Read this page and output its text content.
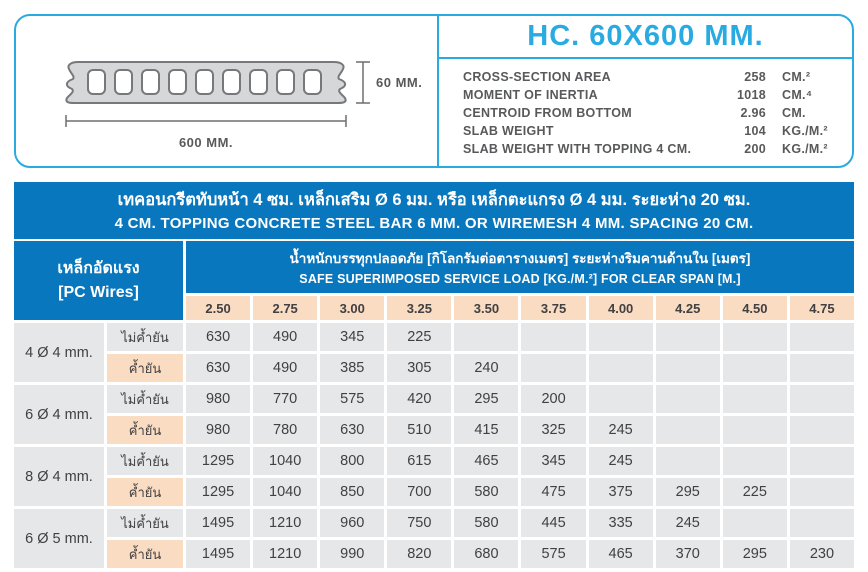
600 MM.
60 MM.
HC. 60X600 MM.
CROSS-SECTION AREA	258	CM.²
MOMENT OF INERTIA	1018	CM.⁴
CENTROID FROM BOTTOM	2.96	CM.
SLAB WEIGHT	104	KG./M.²
SLAB WEIGHT WITH TOPPING 4 CM.	200	KG./M.²
เทคอนกรีตทับหน้า 4 ซม. เหล็กเสริม Ø 6 มม. หรือ เหล็กตะแกรง Ø 4 มม. ระยะห่าง 20 ซม.
4 CM. TOPPING CONCRETE STEEL BAR 6 MM. OR WIREMESH 4 MM. SPACING 20 CM.
เหล็กอัดแรง
[PC Wires]
น้ำหนักบรรทุกปลอดภัย [กิโลกรัมต่อตารางเมตร] ระยะห่างริมคานด้านใน [เมตร]
SAFE SUPERIMPOSED SERVICE LOAD [KG./M.²] FOR CLEAR SPAN [M.]
2.50	2.75	3.00	3.25	3.50	3.75	4.00	4.25	4.50	4.75
4 Ø 4 mm.
ไม่ค้ำยัน	630	490	345	225
ค้ำยัน	630	490	385	305	240
6 Ø 4 mm.
ไม่ค้ำยัน	980	770	575	420	295	200
ค้ำยัน	980	780	630	510	415	325	245
8 Ø 4 mm.
ไม่ค้ำยัน	1295	1040	800	615	465	345	245
ค้ำยัน	1295	1040	850	700	580	475	375	295	225
6 Ø 5 mm.
ไม่ค้ำยัน	1495	1210	960	750	580	445	335	245
ค้ำยัน	1495	1210	990	820	680	575	465	370	295	230
